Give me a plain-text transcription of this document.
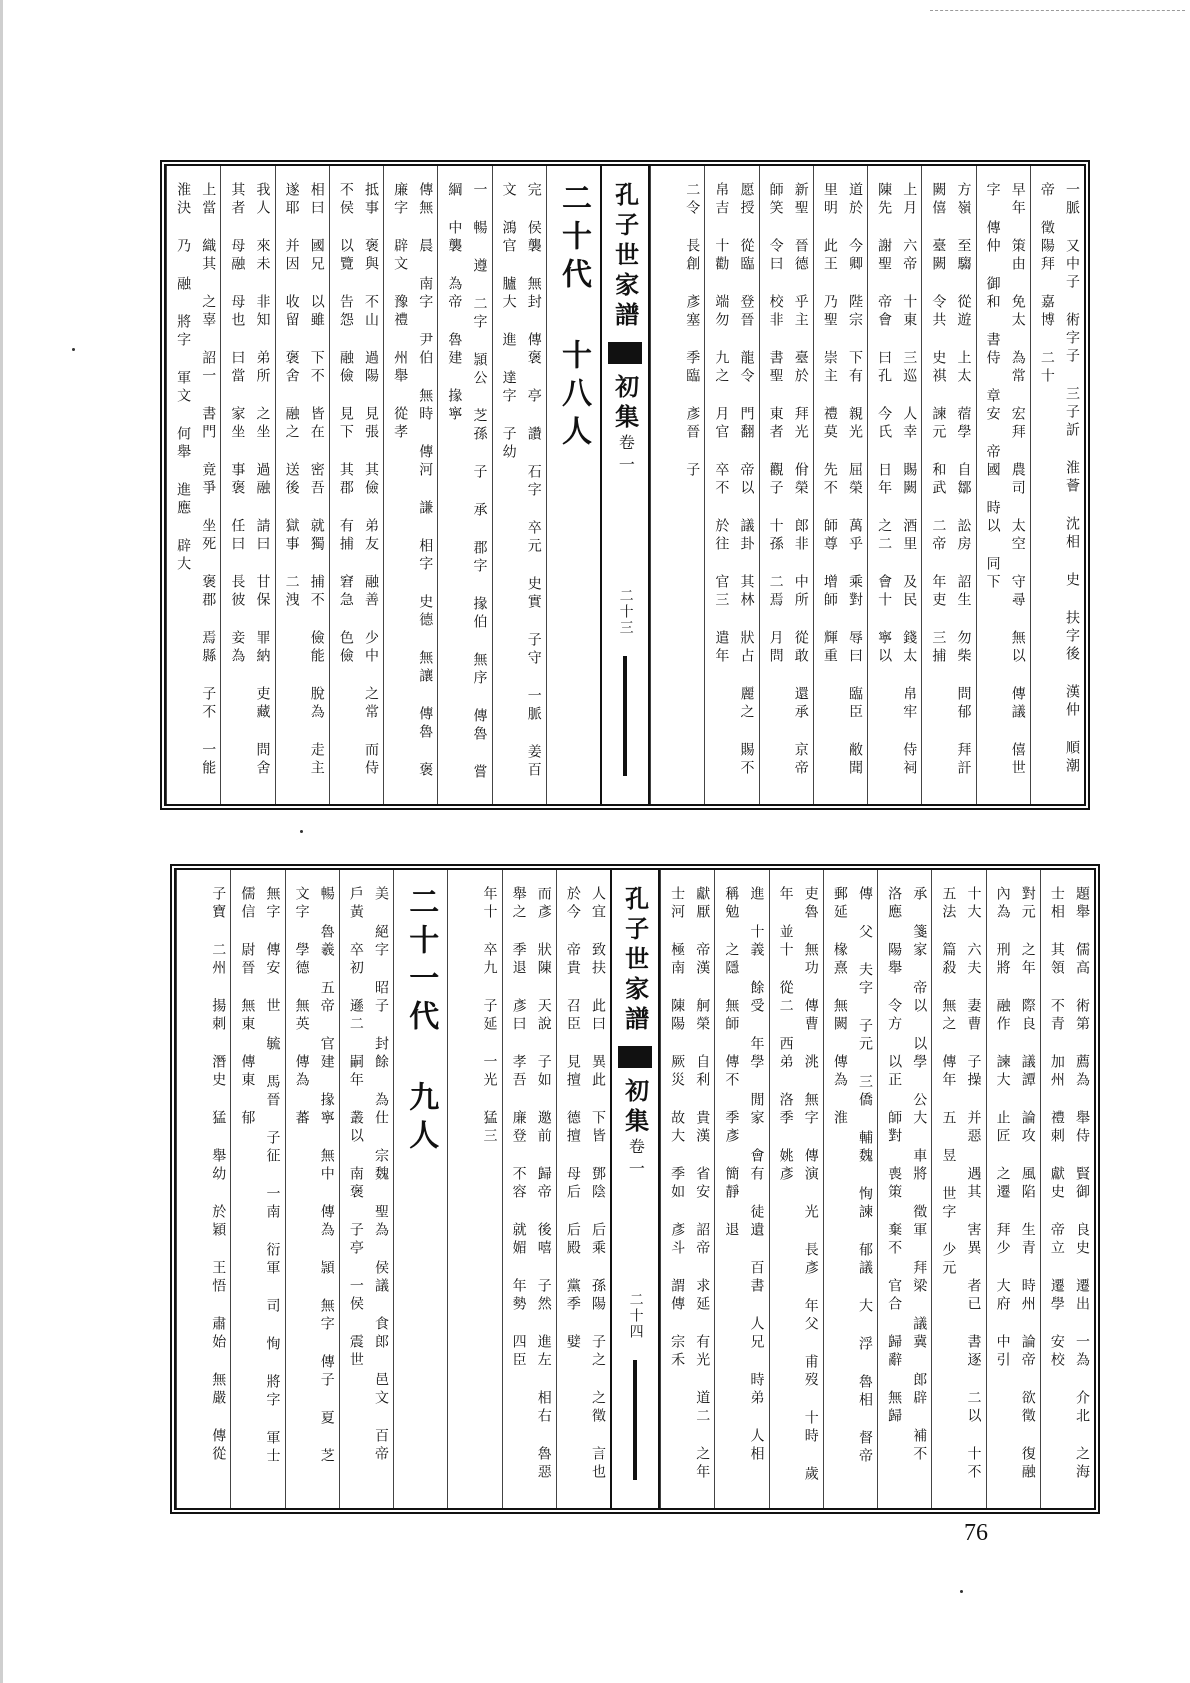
一脈 又中子 術字子 三子訢 淮薈 沈相 史 扶字後 漢仲 順潮帝 徵陽拜 嘉博 二十
早年 策由 免太 為常 宏拜 農司 太空 守尋 無以 傳議 僖世字 傳仲 御和 書侍 章安 帝國 時以 同下
方嶺 至騶 從遊 上太 蓿學 自鄒 訟房 詔生 勿柴 問郁 拜訐 闕僖 臺闕 令共 史祺 諫元 和武 二帝 年吏 三捕
上月 六帝 十東 三巡 人幸 賜闕 酒里 及民 錢太 帛牢 侍祠 陳先 謝聖 帝會 曰孔 今氏 日年 之二 會十 寧以
道於 今卿 陛宗 下有 親光 屈榮 萬乎 乘對 辱曰 臨臣 敝聞 里明 此王 乃聖 崇主 禮莫 先不 師尊 增師 輝重
新聖 晉德 乎主 臺於 拜光 佾榮 郎非 中所 從敢 還承 京帝 師笑 令曰 校非 書聖 東者 觀子 十孫 二焉 月問
愿授 從臨 登晉 龍令 門翻 帝以 議卦 其林 狀占 麗之 賜不 帛吉 十勸 端勿 九之 月官 卒不 於往 官三 遣年
二令 長創 彥塞 季臨 彥晉 子
孔子世家譜
初集
卷一
二十三
二十代 十八人
完 侯襲 無封 傳褒 亭 讚 石字 卒元 史實 子守 一脈 姜百 文 鴻官 臚大 進 達字 子幼
一 暢 遵 二字 頴公 芝孫 子 承 郡字 掾伯 無序 傳魯 嘗 綱 中襲 為帝 魯建 掾寧
傳無 晨 南字 尹伯 無時 傳河 謙 相字 史德 無讓 傳魯 褒 廉字 辟文 豫禮 州舉 從孝
抵事 褒與 不山 過陽 見張 其儉 弟友 融善 少中 之常 而侍 不侯 以覽 告怨 融儉 見下 其郡 有捕 窘急 色儉
相曰 國兄 以雖 下不 皆在 密吾 就獨 捕不 儉能 脫為 走主 遂耶 并因 收留 褒舍 融之 送後 獄事 二洩
我人 來未 非知 弟所 之坐 過融 請曰 甘保 罪納 吏藏 問舍 其者 母融 母也 曰當 家坐 事褒 任曰 長彼 妾為
上當 織其 之辜 詔一 書門 竟爭 坐死 褒郡 焉縣 子不 一能 淮決 乃 融 將字 軍文 何舉 進應 辟大
題舉 儒高 術第 薦為 舉侍 賢御 良史 遷出 一為 介北 之海 士相 其領 不青 加州 禮刺 獻史 帝立 遷學 安校
對元 之年 際良 議譚 論攻 風陷 生青 時州 論帝 欲徵 復融 內為 刑將 融作 諫大 止匠 之遷 拜少 大府 中引
十大 六夫 妻曹 子操 并惡 遇其 害異 者已 書逐 二以 十不 五法 篇殺 無之 傳年 五 昱 世字 少元
承 箋家 帝以 以學 公大 車將 徵軍 拜梁 議冀 郎辟 補不 洛應 陽舉 令方 以正 師對 喪策 棄不 官合 歸辭 無歸
傳 父 夫字 子元 三僑 輔魏 恂諫 郁議 大 浮 魯相 督帝 郵延 椽熹 無闕 傳為 淮
吏魯 無功 傳曹 洮 無字 傳演 光 長彥 年父 甫歿 十時 歲年 並十 從二 西弟 洛季 姚彥
進 十義 餘受 年學 閒家 會有 徒遺 百書 人兄 時弟 人相 稱勉 之隱 無師 傳不 季彥 簡靜 退
獻厭 帝漢 舸榮 自利 貴漢 省安 詔帝 求延 有光 道二 之年 士河 極南 陳陽 厥災 故大 季如 彥斗 謂傳 宗禾
孔子世家譜
初集
卷一
二十四
人宜 致扶 此曰 異此 下皆 鄧陰 后乘 孫陽 子之 之徵 言也 於今 帝貴 召臣 見擅 德擅 母后 后殿 黨季 嬖
而彥 狀陳 天說 子如 邀前 歸帝 後嘻 子然 進左 相右 魯惡 舉之 季退 彥曰 孝吾 廉登 不容 就媚 年勢 四臣
年十 卒九 子延 一光 猛三
二十一代 九人
美 絕字 昭子 封餘 為仕 宗魏 聖為 侯議 食郎 邑文 百帝 戶黃 卒初 遜二 嗣年 叢以 南褒 子亭 一侯 震世
暢 魯羲 五帝 官建 掾寧 無中 傳為 頴 無字 傳子 夏 芝 文字 學德 無英 傳為 蕃
無字 傳安 世 毓 馬晉 子征 一南 衍軍 司 恂 將字 軍士 儒信 尉晉 無東 傳東 郁
子寶 二州 揚刺 潛史 猛 舉幼 於穎 王悟 肅始 無嚴 傳從
76
